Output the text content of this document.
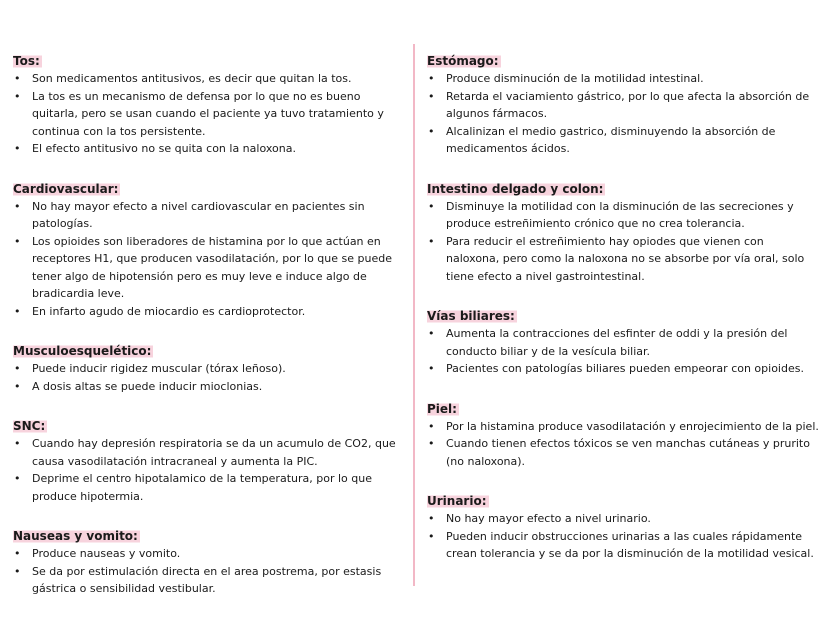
Tos:
• Son medicamentos antitusivos, es decir que quitan la tos.
• La tos es un mecanismo de defensa por lo que no es bueno quitarla, pero se usan cuando el paciente ya tuvo tratamiento y continua con la tos persistente.
• El efecto antitusivo no se quita con la naloxona.
Cardiovascular:
• No hay mayor efecto a nivel cardiovascular en pacientes sin patologías.
• Los opioides son liberadores de histamina por lo que actúan en receptores H1, que producen vasodilatación, por lo que se puede tener algo de hipotensión pero es muy leve e induce algo de bradicardia leve.
• En infarto agudo de miocardio es cardioprotector.
Musculoesquelético:
• Puede inducir rigidez muscular (tórax leñoso).
• A dosis altas se puede inducir mioclonias.
SNC:
• Cuando hay depresión respiratoria se da un acumulo de CO2, que causa vasodilatación intracraneal y aumenta la PIC.
• Deprime el centro hipotalamico de la temperatura, por lo que produce hipotermia.
Nauseas y vomito:
• Produce nauseas y vomito.
• Se da por estimulación directa en el area postrema, por estasis gástrica o sensibilidad vestibular.
Estómago:
• Produce disminución de la motilidad intestinal.
• Retarda el vaciamiento gástrico, por lo que afecta la absorción de algunos fármacos.
• Alcalinizan el medio gastrico, disminuyendo la absorción de medicamentos ácidos.
Intestino delgado y colon:
• Disminuye la motilidad con la disminución de las secreciones y produce estreñimiento crónico que no crea tolerancia.
• Para reducir el estreñimiento hay opiodes que vienen con naloxona, pero como la naloxona no se absorbe por vía oral, solo tiene efecto a nivel gastrointestinal.
Vías biliares:
• Aumenta la contracciones del esfinter de oddi y la presión del conducto biliar y de la vesícula biliar.
• Pacientes con patologías biliares pueden empeorar con opioides.
Piel:
• Por la histamina produce vasodilatación y enrojecimiento de la piel.
• Cuando tienen efectos tóxicos se ven manchas cutáneas y prurito (no naloxona).
Urinario:
• No hay mayor efecto a nivel urinario.
• Pueden inducir obstrucciones urinarias a las cuales rápidamente crean tolerancia y se da por la disminución de la motilidad vesical.
